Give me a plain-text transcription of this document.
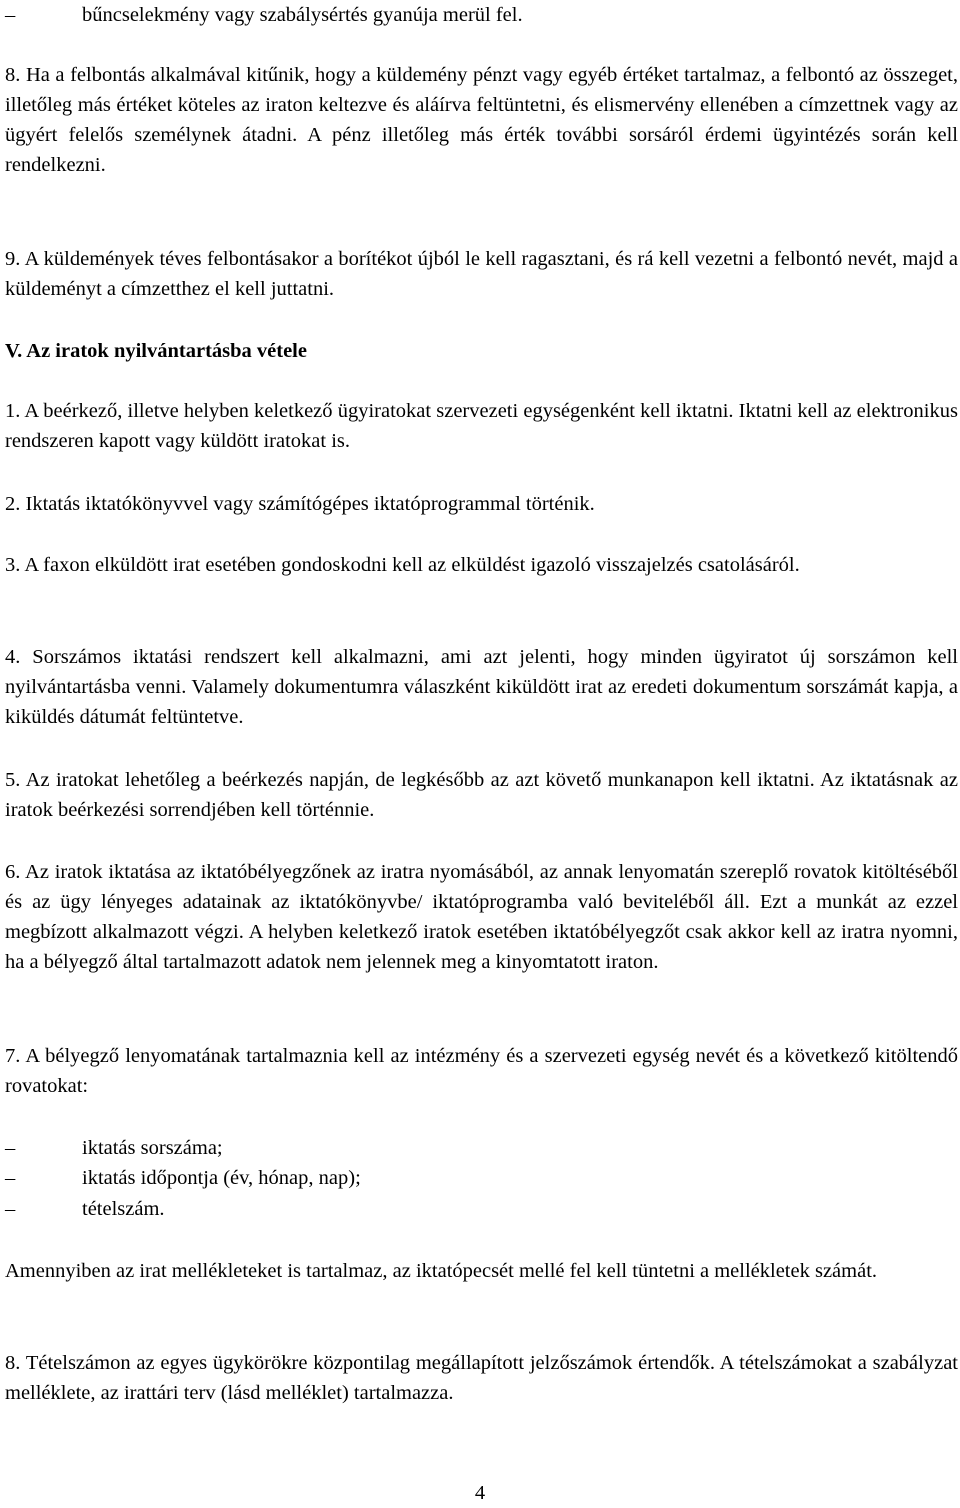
–	bűncselekmény vagy szabálysértés gyanúja merül fel.

8. Ha a felbontás alkalmával kitűnik, hogy a küldemény pénzt vagy egyéb értéket tartalmaz, a felbontó az összeget, illetőleg más értéket köteles az iraton keltezve és aláírva feltüntetni, és elismervény ellenében a címzettnek vagy az ügyért felelős személynek átadni. A pénz illetőleg más érték további sorsáról érdemi ügyintézés során kell rendelkezni.

9. A küldemények téves felbontásakor a borítékot újból le kell ragasztani, és rá kell vezetni a felbontó nevét, majd a küldeményt a címzetthez el kell juttatni.

V. Az iratok nyilvántartásba vétele

1. A beérkező, illetve helyben keletkező ügyiratokat szervezeti egységenként kell iktatni. Iktatni kell az elektronikus rendszeren kapott vagy küldött iratokat is.

2. Iktatás iktatókönyvvel vagy számítógépes iktatóprogrammal történik.

3. A faxon elküldött irat esetében gondoskodni kell az elküldést igazoló visszajelzés csatolásáról.

4. Sorszámos iktatási rendszert kell alkalmazni, ami azt jelenti, hogy minden ügyiratot új sorszámon kell nyilvántartásba venni. Valamely dokumentumra válaszként kiküldött irat az eredeti dokumentum sorszámát kapja, a kiküldés dátumát feltüntetve.

5. Az iratokat lehetőleg a beérkezés napján, de legkésőbb az azt követő munkanapon kell iktatni. Az iktatásnak az iratok beérkezési sorrendjében kell történnie.

6. Az iratok iktatása az iktatóbélyegzőnek az iratra nyomásából, az annak lenyomatán szereplő rovatok kitöltéséből és az ügy lényeges adatainak az iktatókönyvbe/ iktatóprogramba való beviteléből áll. Ezt a munkát az ezzel megbízott alkalmazott végzi. A helyben keletkező iratok esetében iktatóbélyegzőt csak akkor kell az iratra nyomni, ha a bélyegző által tartalmazott adatok nem jelennek meg a kinyomtatott iraton.

7. A bélyegző lenyomatának tartalmaznia kell az intézmény és a szervezeti egység nevét és a következő kitöltendő rovatokat:

–	iktatás sorszáma;
–	iktatás időpontja (év, hónap, nap);
–	tételszám.

Amennyiben az irat mellékleteket is tartalmaz, az iktatópecsét mellé fel kell tüntetni a mellékletek számát.

8. Tételszámon az egyes ügykörökre központilag megállapított jelzőszámok értendők. A tételszámokat a szabályzat melléklete, az irattári terv (lásd melléklet) tartalmazza.

4
